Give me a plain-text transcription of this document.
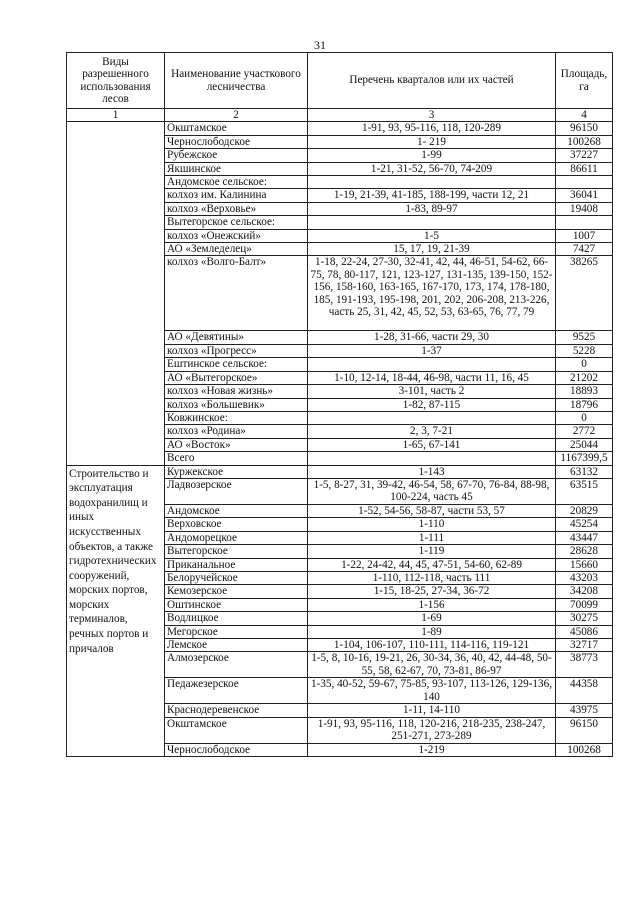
31
Виды разрешенного использования лесов	Наименование участкового лесничества	Перечень кварталов или их частей	Площадь, га
1	2	3	4
	Окштамское	1-91, 93, 95-116, 118, 120-289	96150
	Чернослободское	1- 219	100268
	Рубежское	1-99	37227
	Якшинское	1-21, 31-52, 56-70, 74-209	86611
	Андомское сельское:		
	колхоз им. Калинина	1-19, 21-39, 41-185, 188-199, части 12, 21	36041
	колхоз «Верховье»	1-83, 89-97	19408
	Вытегорское сельское:		
	колхоз «Онежский»	1-5	1007
	АО «Земледелец»	15, 17, 19, 21-39	7427
	колхоз «Волго-Балт»	1-18, 22-24, 27-30, 32-41, 42, 44, 46-51, 54-62, 66-75, 78, 80-117, 121, 123-127, 131-135, 139-150, 152-156, 158-160, 163-165, 167-170, 173, 174, 178-180, 185, 191-193, 195-198, 201, 202, 206-208, 213-226, часть 25, 31, 42, 45, 52, 53, 63-65, 76, 77, 79	38265
	АО «Девятины»	1-28, 31-66, части 29, 30	9525
	колхоз «Прогресс»	1-37	5228
	Ештинское сельское:		0
	АО «Вытегорское»	1-10, 12-14, 18-44, 46-98, части 11, 16, 45	21202
	колхоз «Новая жизнь»	3-101, часть 2	18893
	колхоз «Большевик»	1-82, 87-115	18796
	Ковжинское:		0
	колхоз «Родина»	2, 3, 7-21	2772
	АО «Восток»	1-65, 67-141	25044
	Всего		1167399,5
Строительство и эксплуатация водохранилищ и иных искусственных объектов, а также гидротехнических сооружений, морских портов, морских терминалов, речных портов и причалов	Куржекское	1-143	63132
	Ладвозерское	1-5, 8-27, 31, 39-42, 46-54, 58, 67-70, 76-84, 88-98, 100-224, часть 45	63515
	Андомское	1-52, 54-56, 58-87, части 53, 57	20829
	Верховское	1-110	45254
	Андоморецкое	1-111	43447
	Вытегорское	1-119	28628
	Приканальное	1-22, 24-42, 44, 45, 47-51, 54-60, 62-89	15660
	Белоручейское	1-110, 112-118, часть 111	43203
	Кемозерское	1-15, 18-25, 27-34, 36-72	34208
	Оштинское	1-156	70099
	Водлицкое	1-69	30275
	Мегорское	1-89	45086
	Лемское	1-104, 106-107, 110-111, 114-116, 119-121	32717
	Алмозерское	1-5, 8, 10-16, 19-21, 26, 30-34, 36, 40, 42, 44-48, 50-55, 58, 62-67, 70, 73-81, 86-97	38773
	Педажезерское	1-35, 40-52, 59-67, 75-85, 93-107, 113-126, 129-136, 140	44358
	Краснодеревенское	1-11, 14-110	43975
	Окштамское	1-91, 93, 95-116, 118, 120-216, 218-235, 238-247, 251-271, 273-289	96150
	Чернослободское	1-219	100268
